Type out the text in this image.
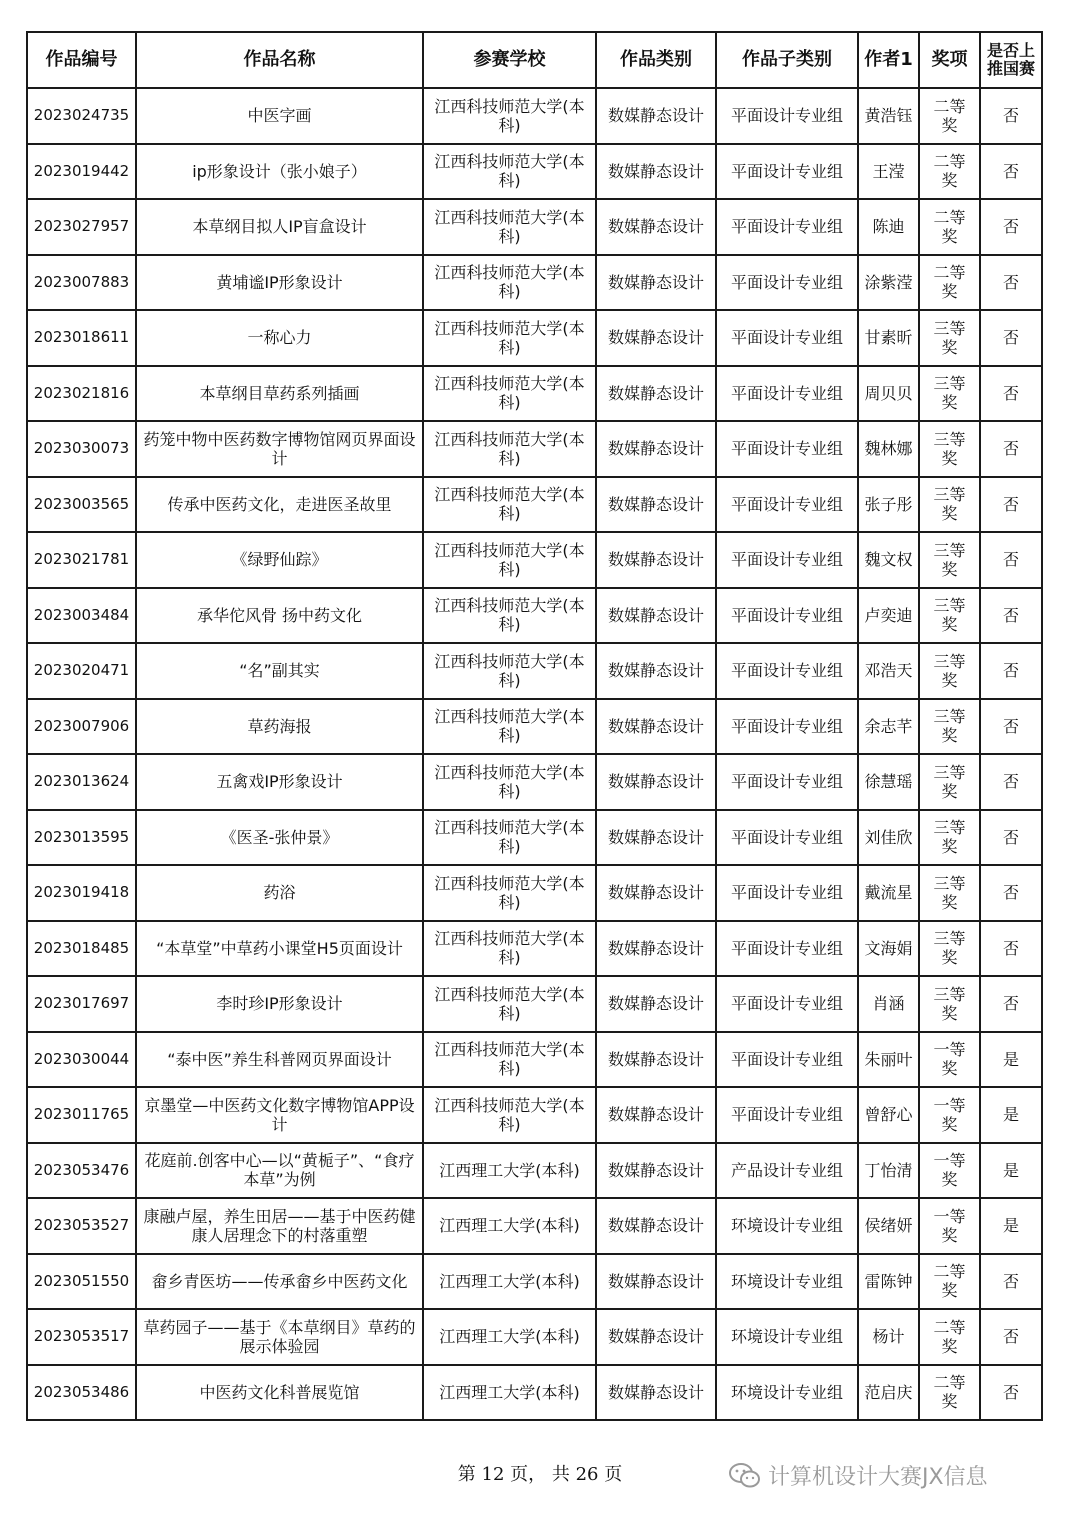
作品编号	作品名称	参赛学校	作品类别	作品子类别	作者1	奖项	是否上推国赛
2023024735	中医字画	江西科技师范大学(本科)	数媒静态设计	平面设计专业组	黄浩钰	二等奖	否
2023019442	ip形象设计（张小娘子）	江西科技师范大学(本科)	数媒静态设计	平面设计专业组	王滢	二等奖	否
2023027957	本草纲目拟人IP盲盒设计	江西科技师范大学(本科)	数媒静态设计	平面设计专业组	陈迪	二等奖	否
2023007883	黄埔谧IP形象设计	江西科技师范大学(本科)	数媒静态设计	平面设计专业组	涂紫滢	二等奖	否
2023018611	一称心力	江西科技师范大学(本科)	数媒静态设计	平面设计专业组	甘素昕	三等奖	否
2023021816	本草纲目草药系列插画	江西科技师范大学(本科)	数媒静态设计	平面设计专业组	周贝贝	三等奖	否
2023030073	药笼中物中医药数字博物馆网页界面设计	江西科技师范大学(本科)	数媒静态设计	平面设计专业组	魏林娜	三等奖	否
2023003565	传承中医药文化，走进医圣故里	江西科技师范大学(本科)	数媒静态设计	平面设计专业组	张子彤	三等奖	否
2023021781	《绿野仙踪》	江西科技师范大学(本科)	数媒静态设计	平面设计专业组	魏文权	三等奖	否
2023003484	承华佗风骨 扬中药文化	江西科技师范大学(本科)	数媒静态设计	平面设计专业组	卢奕迪	三等奖	否
2023020471	“名”副其实	江西科技师范大学(本科)	数媒静态设计	平面设计专业组	邓浩天	三等奖	否
2023007906	草药海报	江西科技师范大学(本科)	数媒静态设计	平面设计专业组	余志芊	三等奖	否
2023013624	五禽戏IP形象设计	江西科技师范大学(本科)	数媒静态设计	平面设计专业组	徐慧瑶	三等奖	否
2023013595	《医圣-张仲景》	江西科技师范大学(本科)	数媒静态设计	平面设计专业组	刘佳欣	三等奖	否
2023019418	药浴	江西科技师范大学(本科)	数媒静态设计	平面设计专业组	戴流星	三等奖	否
2023018485	“本草堂”中草药小课堂H5页面设计	江西科技师范大学(本科)	数媒静态设计	平面设计专业组	文海娟	三等奖	否
2023017697	李时珍IP形象设计	江西科技师范大学(本科)	数媒静态设计	平面设计专业组	肖涵	三等奖	否
2023030044	“泰中医”养生科普网页界面设计	江西科技师范大学(本科)	数媒静态设计	平面设计专业组	朱丽叶	一等奖	是
2023011765	京墨堂—中医药文化数字博物馆APP设计	江西科技师范大学(本科)	数媒静态设计	平面设计专业组	曾舒心	一等奖	是
2023053476	花庭前.创客中心—以“黄栀子”、“食疗本草”为例	江西理工大学(本科)	数媒静态设计	产品设计专业组	丁怡清	一等奖	是
2023053527	康融卢屋，养生田居——基于中医药健康人居理念下的村落重塑	江西理工大学(本科)	数媒静态设计	环境设计专业组	侯绪妍	一等奖	是
2023051550	畲乡青医坊——传承畲乡中医药文化	江西理工大学(本科)	数媒静态设计	环境设计专业组	雷陈钟	二等奖	否
2023053517	草药园子——基于《本草纲目》草药的展示体验园	江西理工大学(本科)	数媒静态设计	环境设计专业组	杨计	二等奖	否
2023053486	中医药文化科普展览馆	江西理工大学(本科)	数媒静态设计	环境设计专业组	范启庆	二等奖	否
第 12 页， 共 26 页	计算机设计大赛JX信息
